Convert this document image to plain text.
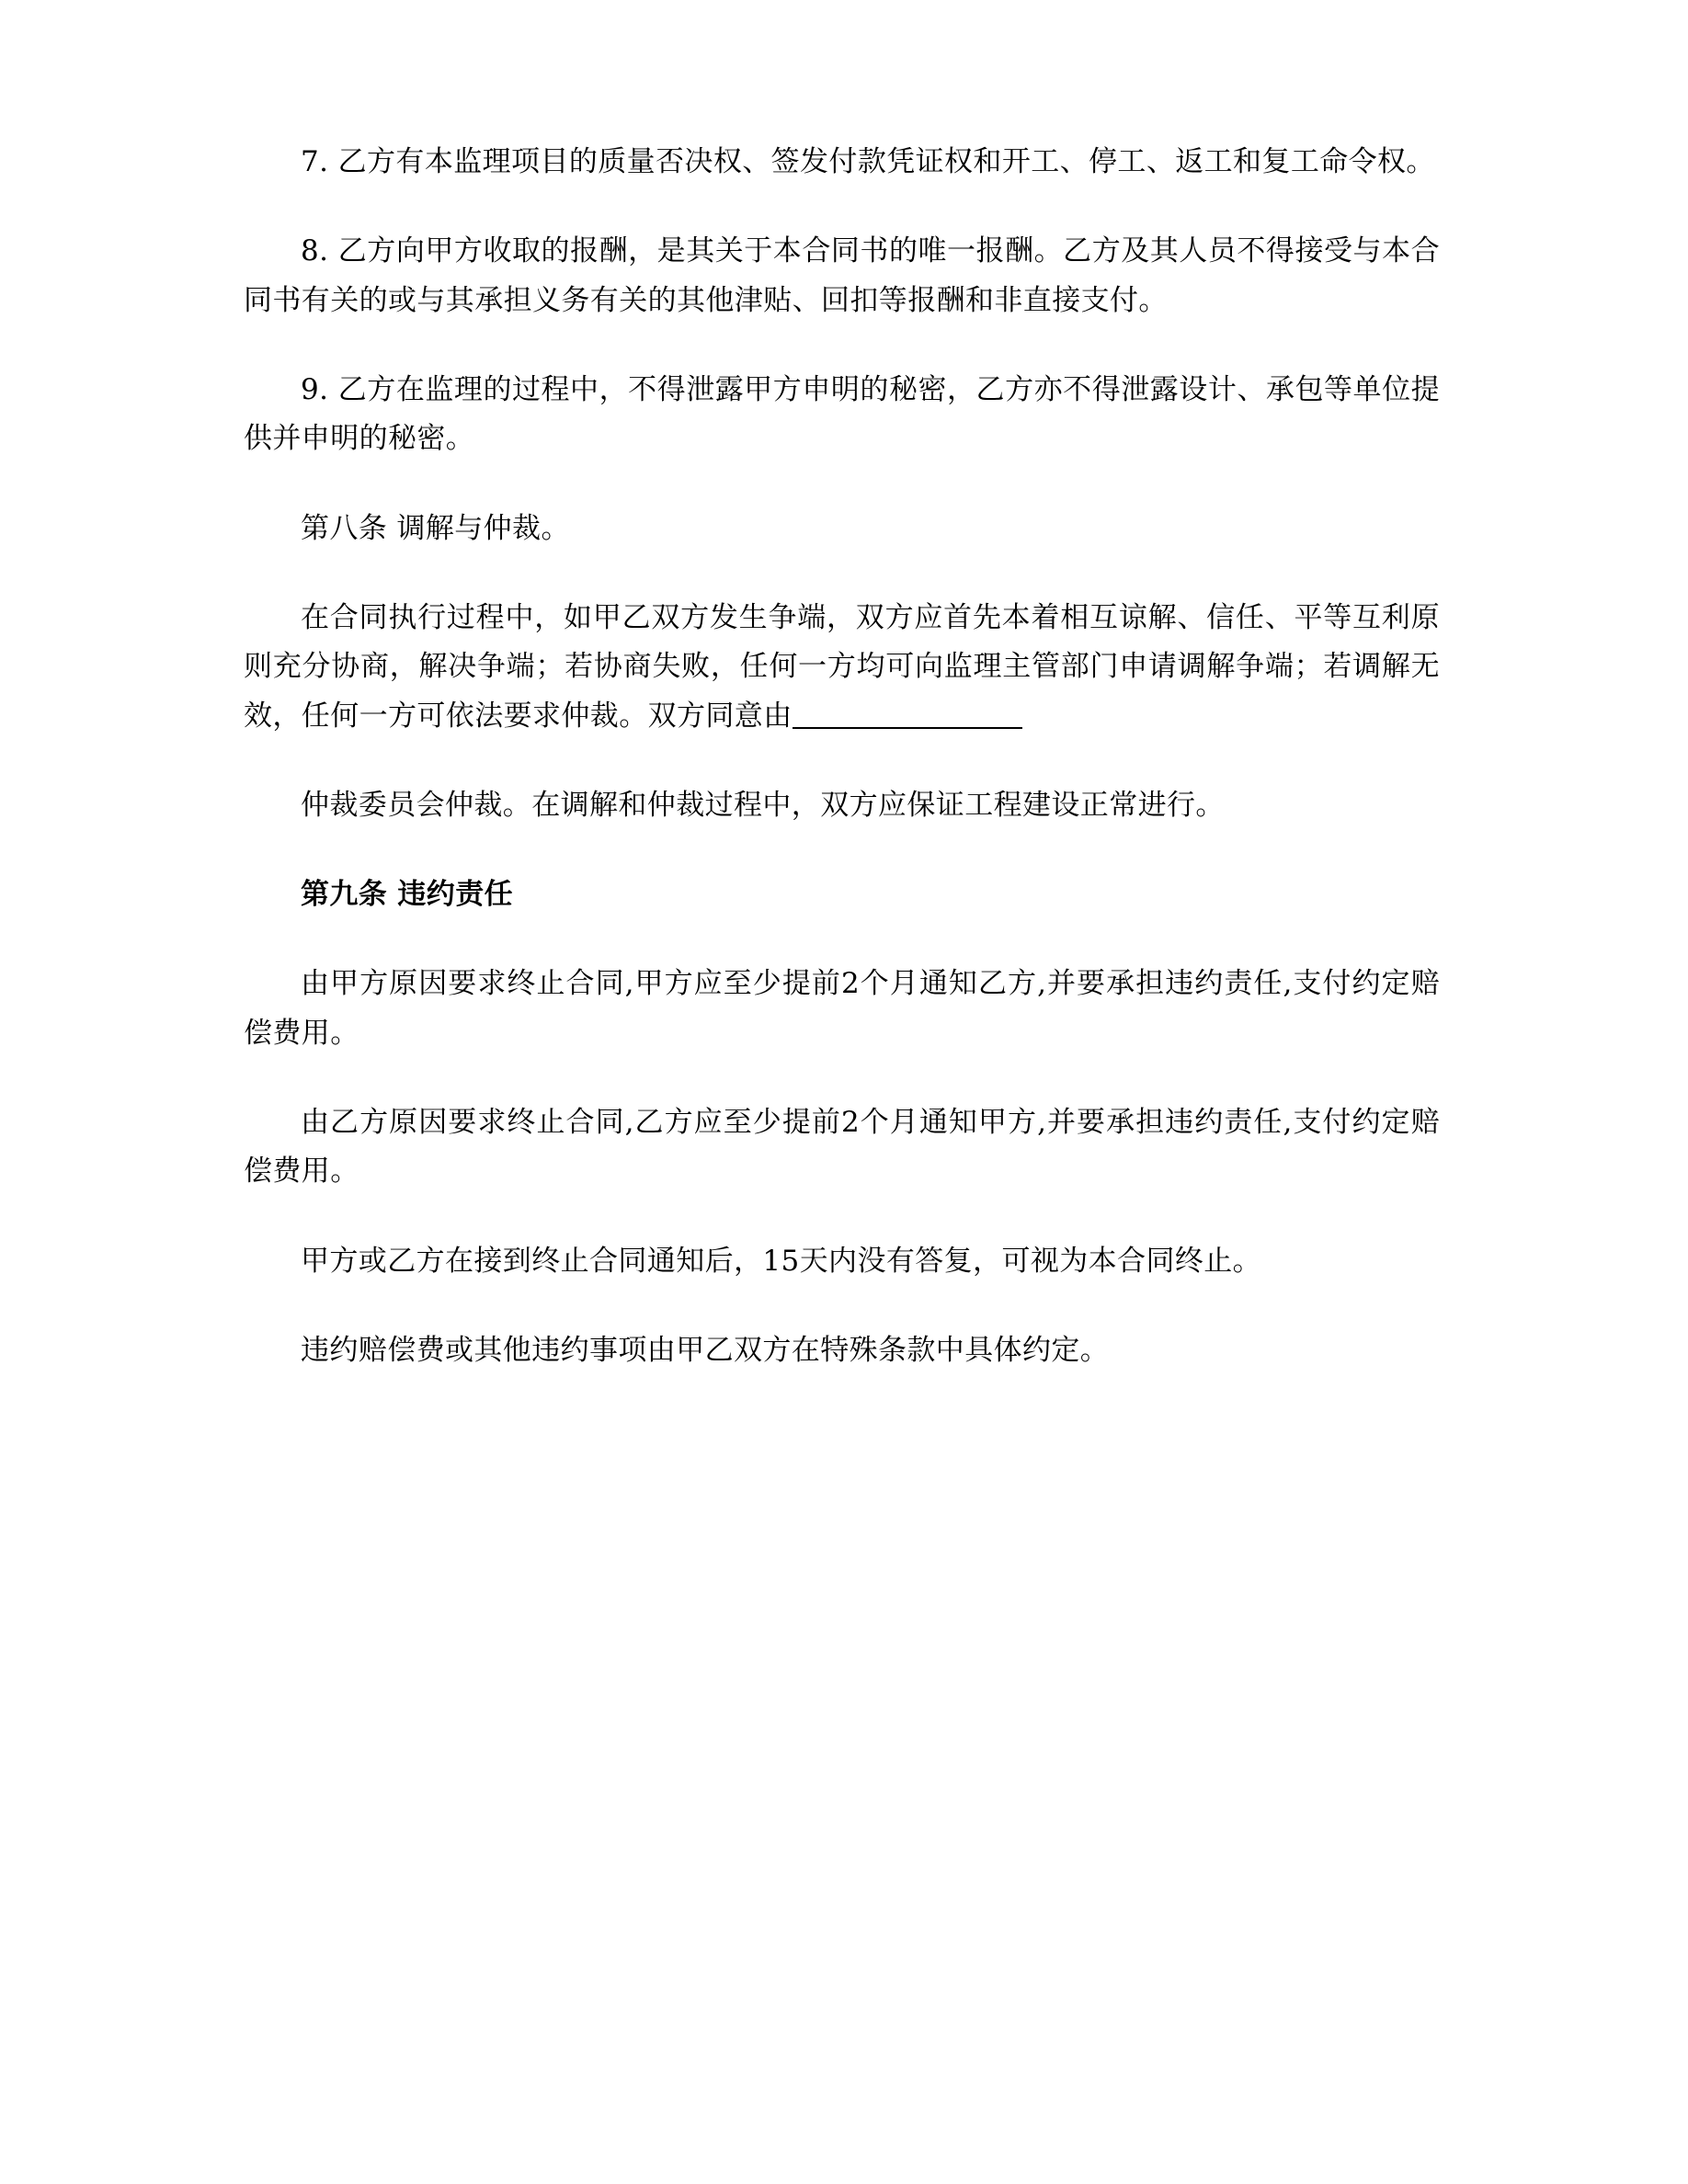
7. 乙方有本监理项目的质量否决权、签发付款凭证权和开工、停工、返工和复工命令权。

8. 乙方向甲方收取的报酬，是其关于本合同书的唯一报酬。乙方及其人员不得接受与本合同书有关的或与其承担义务有关的其他津贴、回扣等报酬和非直接支付。

9. 乙方在监理的过程中，不得泄露甲方申明的秘密，乙方亦不得泄露设计、承包等单位提供并申明的秘密。

第八条 调解与仲裁。

在合同执行过程中，如甲乙双方发生争端，双方应首先本着相互谅解、信任、平等互利原则充分协商，解决争端；若协商失败，任何一方均可向监理主管部门申请调解争端；若调解无效，任何一方可依法要求仲裁。双方同意由

仲裁委员会仲裁。在调解和仲裁过程中，双方应保证工程建设正常进行。

第九条 违约责任

由甲方原因要求终止合同,甲方应至少提前2个月通知乙方,并要承担违约责任,支付约定赔偿费用。

由乙方原因要求终止合同,乙方应至少提前2个月通知甲方,并要承担违约责任,支付约定赔偿费用。

甲方或乙方在接到终止合同通知后，15天内没有答复，可视为本合同终止。

违约赔偿费或其他违约事项由甲乙双方在特殊条款中具体约定。
